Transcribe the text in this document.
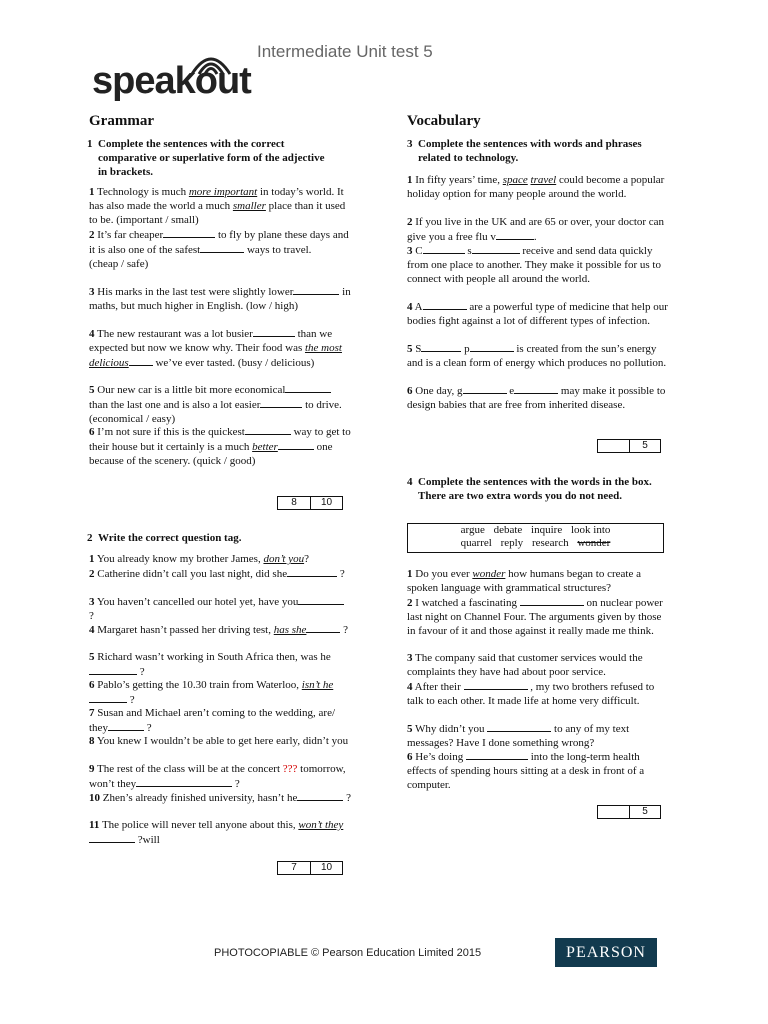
speakout
Intermediate Unit test 5
Grammar
1 Complete the sentences with the correct comparative or superlative form of the adjective in brackets.
1 Technology is much more important in today’s world. It has also made the world a much smaller place than it used to be. (important / small)
2 It’s far cheaper	to fly by plane these days and it is also one of the safest	ways to travel.
(cheap / safe)
3 His marks in the last test were slightly lower	in maths, but much higher in English. (low / high)
4 The new restaurant was a lot busier	than we expected but now we know why. Their food was the most delicious we’ve ever tasted. (busy / delicious)
5 Our new car is a little bit more economical than the last one and is also a lot easier	to drive. (economical / easy)
6 I’m not sure if this is the quickest	way to get to their house but it certainly is a much better	one because of the scenery. (quick / good)
8	10
2 Write the correct question tag.
1 You already know my brother James, don’t you?
2 Catherine didn’t call you last night, did she	?
3 You haven’t cancelled our hotel yet, have you ?
4 Margaret hasn’t passed her driving test, has she	?
5 Richard wasn’t working in South Africa then, was he ?
6 Pablo’s getting the 10.30 train from Waterloo, isn’t he ?
7 Susan and Michael aren’t coming to the wedding, are/ they	?
8 You knew I wouldn’t be able to get here early, didn’t you
9 The rest of the class will be at the concert ??? tomorrow, won’t they	?
10 Zhen’s already finished university, hasn’t he	?
11 The police will never tell anyone about this, won’t they ?will
7	10
Vocabulary
3 Complete the sentences with words and phrases related to technology.
1 In fifty years’ time, space travel could become a popular holiday option for many people around the world.
2 If you live in the UK and are 65 or over, your doctor can give you a free flu v	.
3 C	s	receive and send data quickly from one place to another. They make it possible for us to connect with people all around the world.
4 A	are a powerful type of medicine that help our bodies fight against a lot of different types of infection.
5 S	p	is created from the sun’s energy and is a clean form of energy which produces no pollution.
6 One day, g	e	may make it possible to design babies that are free from inherited disease.
5
4 Complete the sentences with the words in the box. There are two extra words you do not need.
argue debate inquire look into
quarrel reply research wonder
1 Do you ever wonder how humans began to create a spoken language with grammatical structures?
2 I watched a fascinating	on nuclear power last night on Channel Four. The arguments given by those in favour of it and those against it really made me think.
3 The company said that customer services would the complaints they have had about poor service.
4 After their	, my two brothers refused to talk to each other. It made life at home very difficult.
5 Why didn’t you	to any of my text messages? Have I done something wrong?
6 He’s doing	into the long-term health effects of spending hours sitting at a desk in front of a computer.
5
PHOTOCOPIABLE © Pearson Education Limited 2015	PEARSON
